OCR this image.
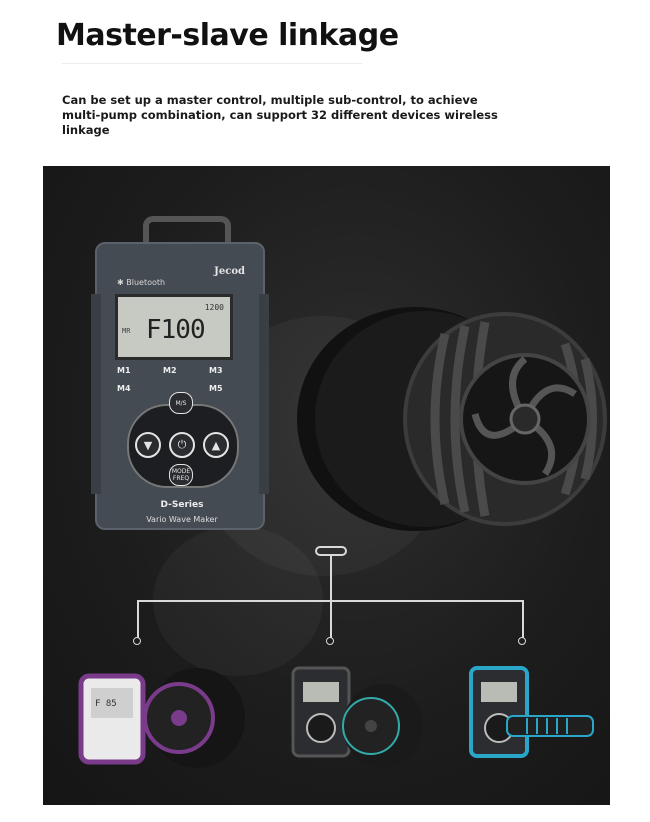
Master-slave linkage
Can be set up a master control, multiple sub-control, to achieve multi-pump combination, can support 32 different devices wireless linkage
Jecod
✱ Bluetooth
1200
MR F100
M1	M2	M3
M4	M5
M/S
▼	⏻	▲
MODE FREQ
D-Series
Vario Wave Maker
F 85
